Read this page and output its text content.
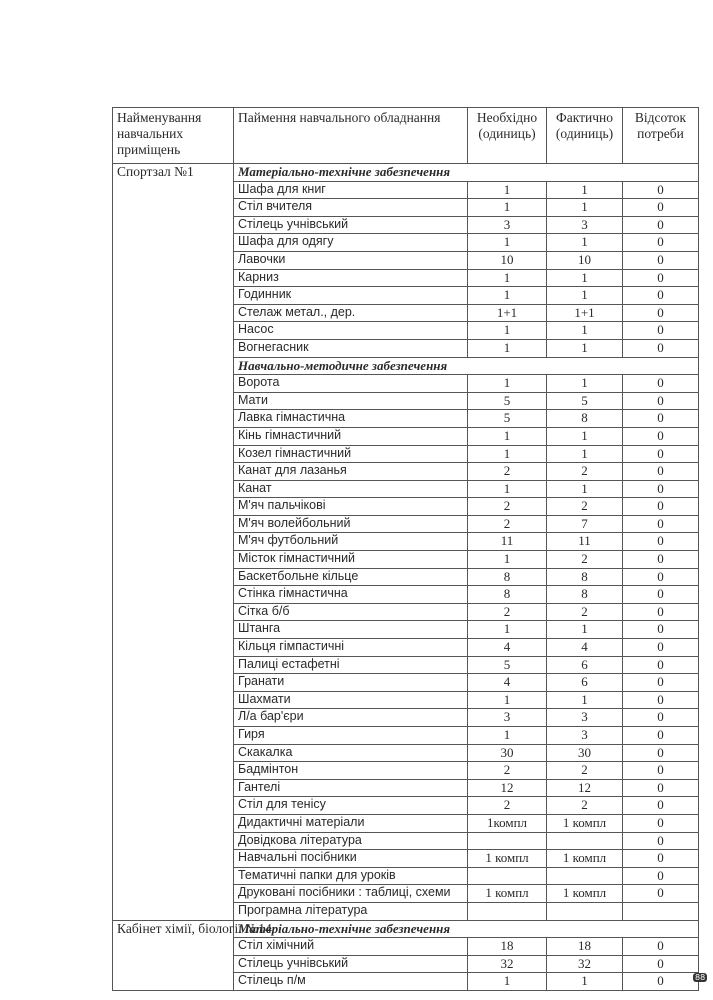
Найменування навчальних приміщень	Паймення навчального обладнання	Необхідно (одиниць)	Фактично (одиниць)	Відсоток потреби
Спортзал №1	Матеріально-технічне забезпечення			
	Шафа для книг	1	1	0
	Стіл вчителя	1	1	0
	Стілець учнівський	3	3	0
	Шафа для одягу	1	1	0
	Лавочки	10	10	0
	Карниз	1	1	0
	Годинник	1	1	0
	Стелаж метал., дер.	1+1	1+1	0
	Насос	1	1	0
	Вогнегасник	1	1	0
	Навчально-методичне забезпечення			
	Ворота	1	1	0
	Мати	5	5	0
	Лавка гімнастична	5	8	0
	Кінь гімнастичний	1	1	0
	Козел гімнастичний	1	1	0
	Канат для лазанья	2	2	0
	Канат	1	1	0
	М'яч пальчікові	2	2	0
	М'яч волейбольний	2	7	0
	М'яч футбольний	11	11	0
	Місток гімнастичний	1	2	0
	Баскетбольне кільце	8	8	0
	Стінка гімнастична	8	8	0
	Сітка б/б	2	2	0
	Штанга	1	1	0
	Кільця гімпастичні	4	4	0
	Палиці естафетні	5	6	0
	Гранати	4	6	0
	Шахмати	1	1	0
	Л/а бар'єри	3	3	0
	Гиря	1	3	0
	Скакалка	30	30	0
	Бадмінтон	2	2	0
	Гантелі	12	12	0
	Стіл для тенісу	2	2	0
	Дидактичні матеріали	1компл	1 компл	0
	Довідкова література			0
	Навчальні посібники	1 компл	1 компл	0
	Тематичні папки для уроків			0
	Друковані посібники : таблиці, схеми	1 компл	1 компл	0
	Програмна література			
Кабінет хімії, біології №14	Матеріально-технічне забезпечення			
	Стіл хімічний	18	18	0
	Стілець учнівський	32	32	0
	Стілець п/м	1	1	0	88
